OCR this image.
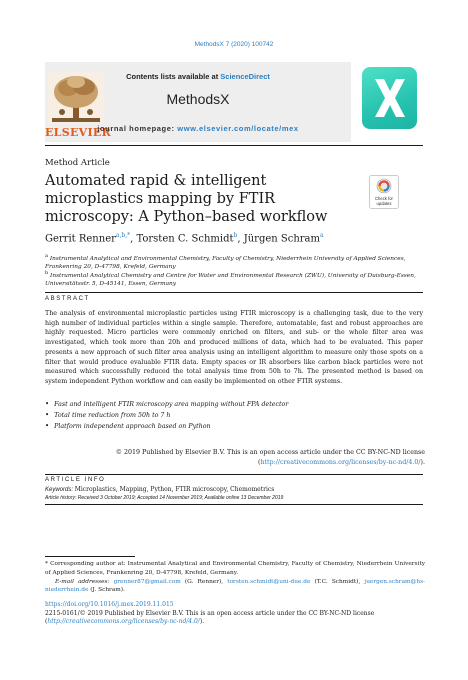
MethodsX 7 (2020) 100742
ELSEVIER
Contents lists available at ScienceDirect
MethodsX
journal homepage: www.elsevier.com/locate/mex
Method Article
Automated rapid & intelligent microplastics mapping by FTIR microscopy: A Python–based workflow
Check for
updates
Gerrit Renner$^{a,b,*}$, Torsten C. Schmidt$^b$, Jürgen Schram$^a$
$^a$ Instrumental Analytical and Environmental Chemistry, Faculty of Chemistry, Niederrhein University of Applied Sciences, Frankenring 20, D-47798, Krefeld, Germany
$^b$ Instrumental Analytical Chemistry and Centre for Water and Environmental Research (ZWU), University of Duisburg-Essen, Universitätsstr. 5, D-45141, Essen, Germany
ABSTRACT
The analysis of environmental microplastic particles using FTIR microscopy is a challenging task, due to the very high number of individual particles within a single sample. Therefore, automatable, fast and robust approaches are highly requested. Micro particles were commonly enriched on filters, and sub- or the whole filter area was investigated, which took more than 20h and produced millions of data, which had to be evaluated. This paper presents a new approach of such filter area analysis using an intelligent algorithm to measure only those spots on a filter that would produce evaluable FTIR data. Empty spaces or IR absorbers like carbon black particles were not measured which successfully reduced the total analysis time from 50h to 7h. The presented method is based on system independent Python workflow and can easily be implemented on other FTIR systems.
• Fast and intelligent FTIR microscopy area mapping without FPA detector
• Total time reduction from 50h to 7 h
• Platform independent approach based on Python
© 2019 Published by Elsevier B.V. This is an open access article under the CC BY-NC-ND license (http://creativecommons.org/licenses/by-nc-nd/4.0/).
ARTICLE INFO
Keywords: Microplastics, Mapping, Python, FTIR microscopy, Chemometrics
Article history: Received 3 October 2019; Accepted 14 November 2019; Available online 13 December 2019
* Corresponding author at: Instrumental Analytical and Environmental Chemistry, Faculty of Chemistry, Niederrhein University of Applied Sciences, Frankenring 20, D-47798, Krefeld, Germany.
E-mail addresses: grenner87@gmail.com (G. Renner), torsten.schmidt@uni-due.de (T.C. Schmidt), juergen.schram@hs-niederrhein.de (J. Schram).
https://doi.org/10.1016/j.mex.2019.11.015
2215-0161/© 2019 Published by Elsevier B.V. This is an open access article under the CC BY-NC-ND license (http://creativecommons.org/licenses/by-nc-nd/4.0/).
